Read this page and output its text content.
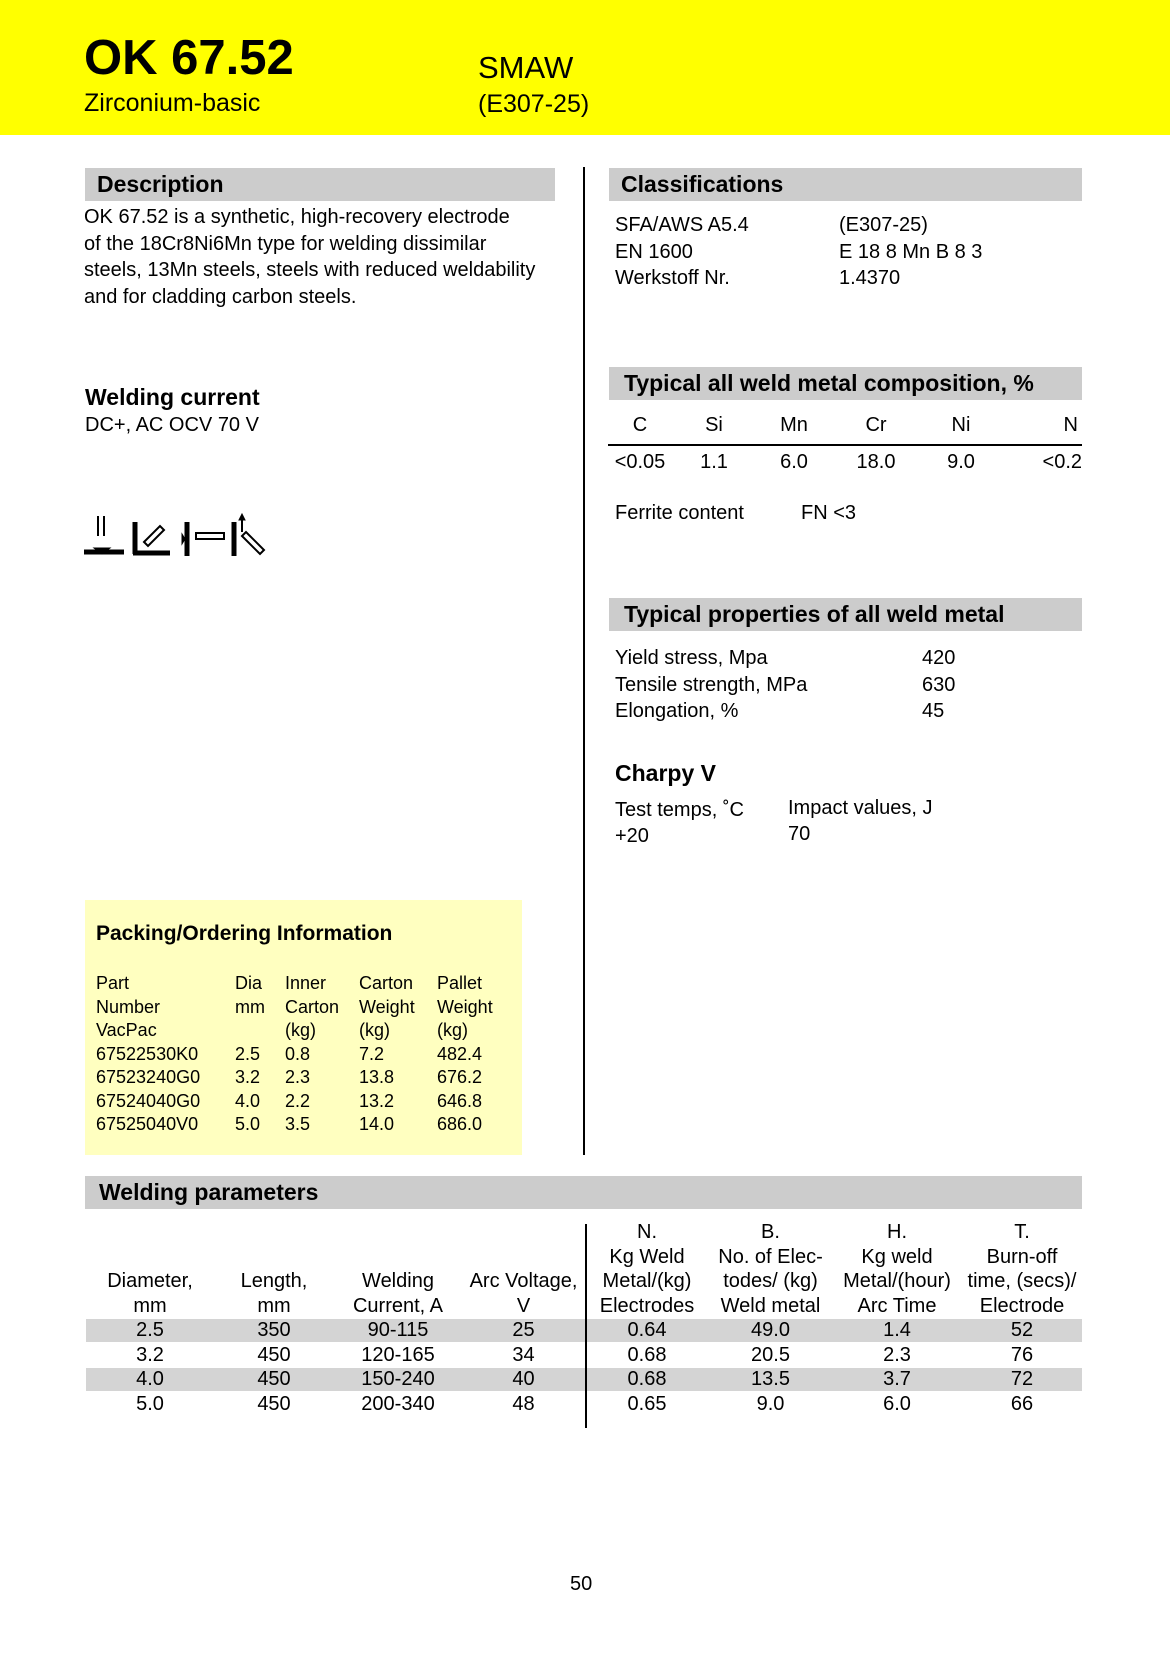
OK 67.52
Zirconium-basic
SMAW
(E307-25)
Description
OK 67.52 is a synthetic, high-recovery electrode
of the 18Cr8Ni6Mn type for welding dissimilar
steels, 13Mn steels, steels with reduced weldability
and for cladding carbon steels.
Welding current
DC+, AC OCV 70 V
Packing/Ordering Information
Part	Dia	Inner	Carton	Pallet
Number	mm	Carton	Weight	Weight
VacPac		(kg)	(kg)	(kg)
67522530K0	2.5	0.8	7.2	482.4
67523240G0	3.2	2.3	13.8	676.2
67524040G0	4.0	2.2	13.2	646.8
67525040V0	5.0	3.5	14.0	686.0
Classifications
SFA/AWS A5.4	(E307-25)
EN 1600	E 18 8 Mn B 8 3
Werkstoff Nr.	1.4370
Typical all weld metal composition, %
C	Si	Mn	Cr	Ni	N
<0.05	1.1	6.0	18.0	9.0	<0.2
Ferrite content	FN <3
Typical properties of all weld metal
Yield stress, Mpa	420
Tensile strength, MPa	630
Elongation, %	45
Charpy V
Test temps, ˚C Impact values, J
+20	70
Welding parameters
				N.	B.	H.	T.
				Kg Weld	No. of Elec-	Kg weld	Burn-off
Diameter,	Length,	Welding	Arc Voltage,	Metal/(kg)	todes/ (kg)	Metal/(hour)	time, (secs)/
mm	mm	Current, A	V	Electrodes	Weld metal	Arc Time	Electrode
2.5	350	90-115	25	0.64	49.0	1.4	52
3.2	450	120-165	34	0.68	20.5	2.3	76
4.0	450	150-240	40	0.68	13.5	3.7	72
5.0	450	200-340	48	0.65	9.0	6.0	66
50
